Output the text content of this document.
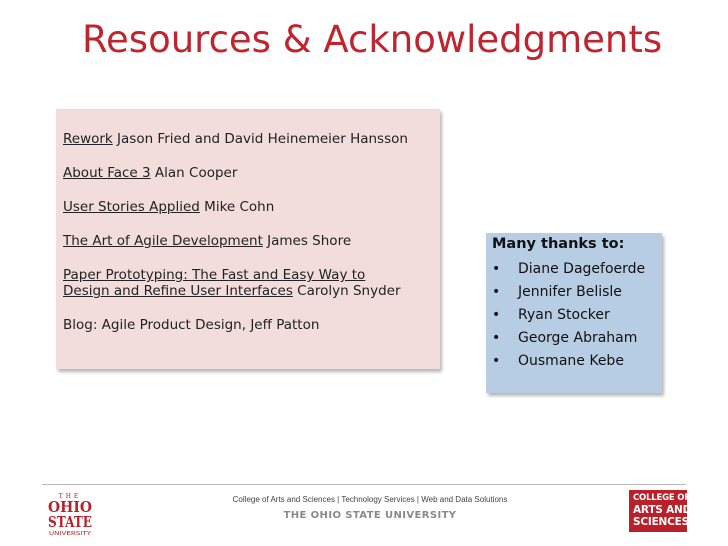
Resources & Acknowledgments
Rework Jason Fried and David Heinemeier Hansson
About Face 3 Alan Cooper
User Stories Applied Mike Cohn
The Art of Agile Development James Shore
Paper Prototyping: The Fast and Easy Way to
Design and Refine User Interfaces Carolyn Snyder
Blog: Agile Product Design, Jeff Patton
Many thanks to:
• Diane Dagefoerde
• Jennifer Belisle
• Ryan Stocker
• George Abraham
• Ousmane Kebe
THE
OHIO
STATE
UNIVERSITY
College of Arts and Sciences | Technology Services | Web and Data Solutions
THE OHIO STATE UNIVERSITY
COLLEGE OF
ARTS AND
SCIENCES
